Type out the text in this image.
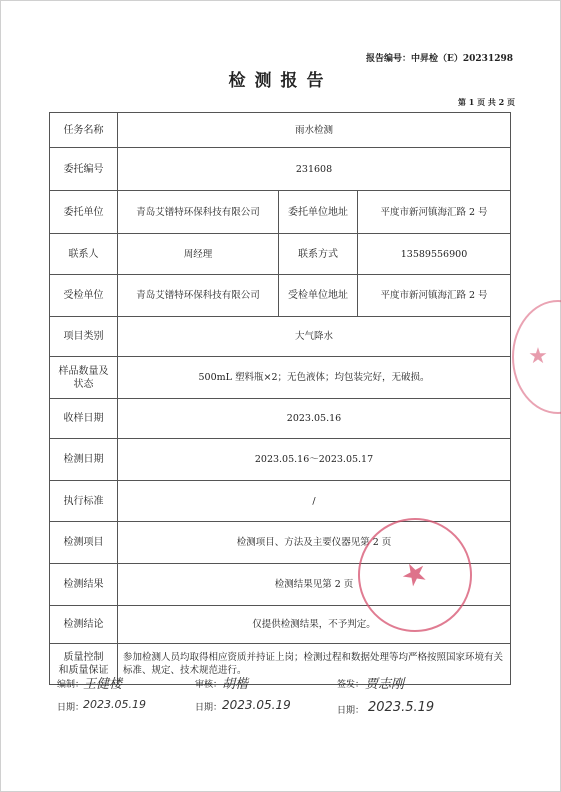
报告编号：中昇检（E）20231298
检测报告
第 1 页 共 2 页
任务名称	雨水检测		
委托编号	231608		
委托单位	青岛艾镨特环保科技有限公司	委托单位地址	平度市新河镇海汇路 2 号
联系人	周经理	联系方式	13589556900
受检单位	青岛艾镨特环保科技有限公司	受检单位地址	平度市新河镇海汇路 2 号
项目类别	大气降水		

样品数量及
状态	500mL 塑料瓶×2；无色液体；均包装完好，无破损。		
收样日期	2023.05.16		
检测日期	2023.05.16～2023.05.17		
执行标准	/		
检测项目	检测项目、方法及主要仪器见第 2 页		
检测结果	检测结果见第 2 页		
检测结论	仅提供检测结果，不予判定。		

质量控制
和质量保证	参加检测人员均取得相应资质并持证上岗；检测过程和数据处理等均严格按照国家环境有关标准、规定、技术规范进行。		
编制：
王健楼
日期：
2023.05.19
审核： 胡楷
日期： 2023.05.19
签发： 贾志刚
日期： 2023.5.19
★
★
